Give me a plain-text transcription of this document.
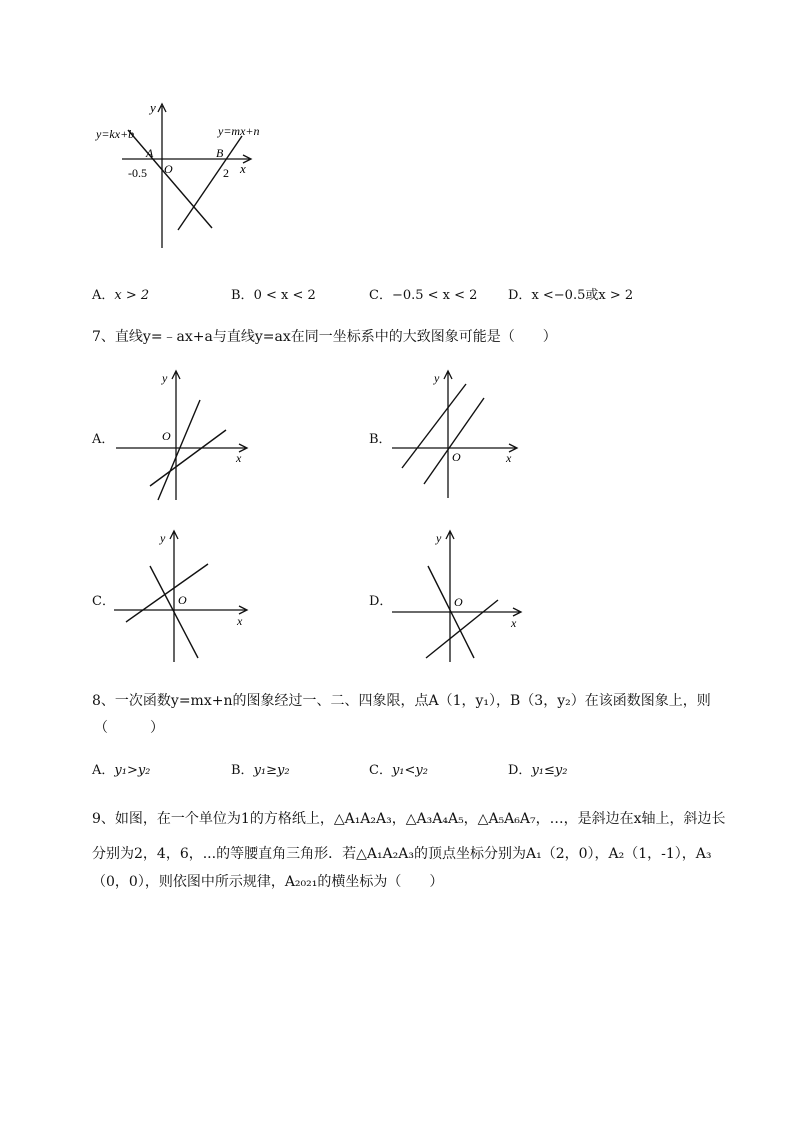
y
x
O
y=kx+b	y=mx+n
A	B
-0.5	2
A．x > 2	B．0 < x < 2	C．−0.5 < x < 2 D．x <−0.5或x > 2
7、直线y=﹣ax+a与直线y=ax在同一坐标系中的大致图象可能是（　　）
A．	B．
C．	D．
y
O
x
y
O	x
y
O
x
y
O
x
8、一次函数y=mx+n的图象经过一、二、四象限，点A（1，y₁），B（3，y₂）在该函数图象上，则
（　　　）
A．y₁>y₂	B．y₁≥y₂	C．y₁<y₂	D．y₁≤y₂
9、如图，在一个单位为1的方格纸上，△A₁A₂A₃，△A₃A₄A₅，△A₅A₆A₇，…，是斜边在x轴上，斜边长
分别为2，4，6，...的等腰直角三角形．若△A₁A₂A₃的顶点坐标分别为A₁（2，0），A₂（1，-1），A₃
（0，0），则依图中所示规律，A₂₀₂₁的横坐标为（　　）
